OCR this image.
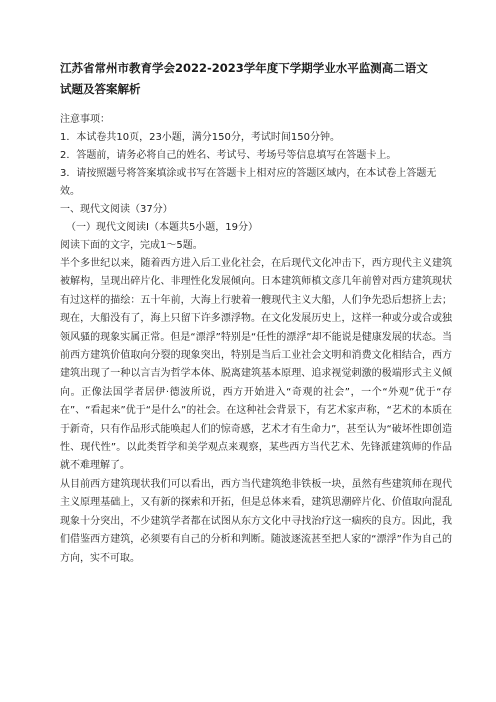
江苏省常州市教育学会2022-2023学年度下学期学业水平监测高二语文
试题及答案解析

注意事项：

1．本试卷共10页，23小题，满分150分，考试时间150分钟。

2．答题前，请务必将自己的姓名、考试号、考场号等信息填写在答题卡上。

3．请按照题号将答案填涂或书写在答题卡上相对应的答题区域内，在本试卷上答题无效。

一、现代文阅读（37分）

（一）现代文阅读Ⅰ（本题共5小题，19分）

阅读下面的文字，完成1～5题。

半个多世纪以来，随着西方进入后工业化社会，在后现代文化冲击下，西方现代主义建筑被解构，呈现出碎片化、非理性化发展倾向。日本建筑师槙文彦几年前曾对西方建筑现状有过这样的描绘：五十年前，大海上行驶着一艘现代主义大船，人们争先恐后想挤上去；现在，大船没有了，海上只留下许多漂浮物。在文化发展历史上，这样一种或分或合或独领风骚的现象实属正常。但是“漂浮”特别是“任性的漂浮”却不能说是健康发展的状态。当前西方建筑价值取向分裂的现象突出，特别是当后工业社会文明和消费文化相结合，西方建筑出现了一种以言吉为哲学本体、脱离建筑基本原理、追求视觉刺激的极端形式主义倾向。正像法国学者居伊·德波所说，西方开始进入“奇观的社会”，一个“外观”优于“存在”、“看起来”优于“是什么”的社会。在这种社会背景下，有艺术家声称，“艺术的本质在于新奇，只有作品形式能唤起人们的惊奇感，艺术才有生命力”，甚至认为“破坏性即创造性、现代性”。以此类哲学和美学观点来观察，某些西方当代艺术、先锋派建筑师的作品就不难理解了。

从目前西方建筑现状我们可以看出，西方当代建筑绝非铁板一块，虽然有些建筑师在现代主义原理基础上，又有新的探索和开拓，但是总体来看，建筑思潮碎片化、价值取向混乱现象十分突出，不少建筑学者都在试图从东方文化中寻找治疗这一痼疾的良方。因此，我们借鉴西方建筑，必须要有自己的分析和判断。随波逐流甚至把人家的“漂浮”作为自己的方向，实不可取。
